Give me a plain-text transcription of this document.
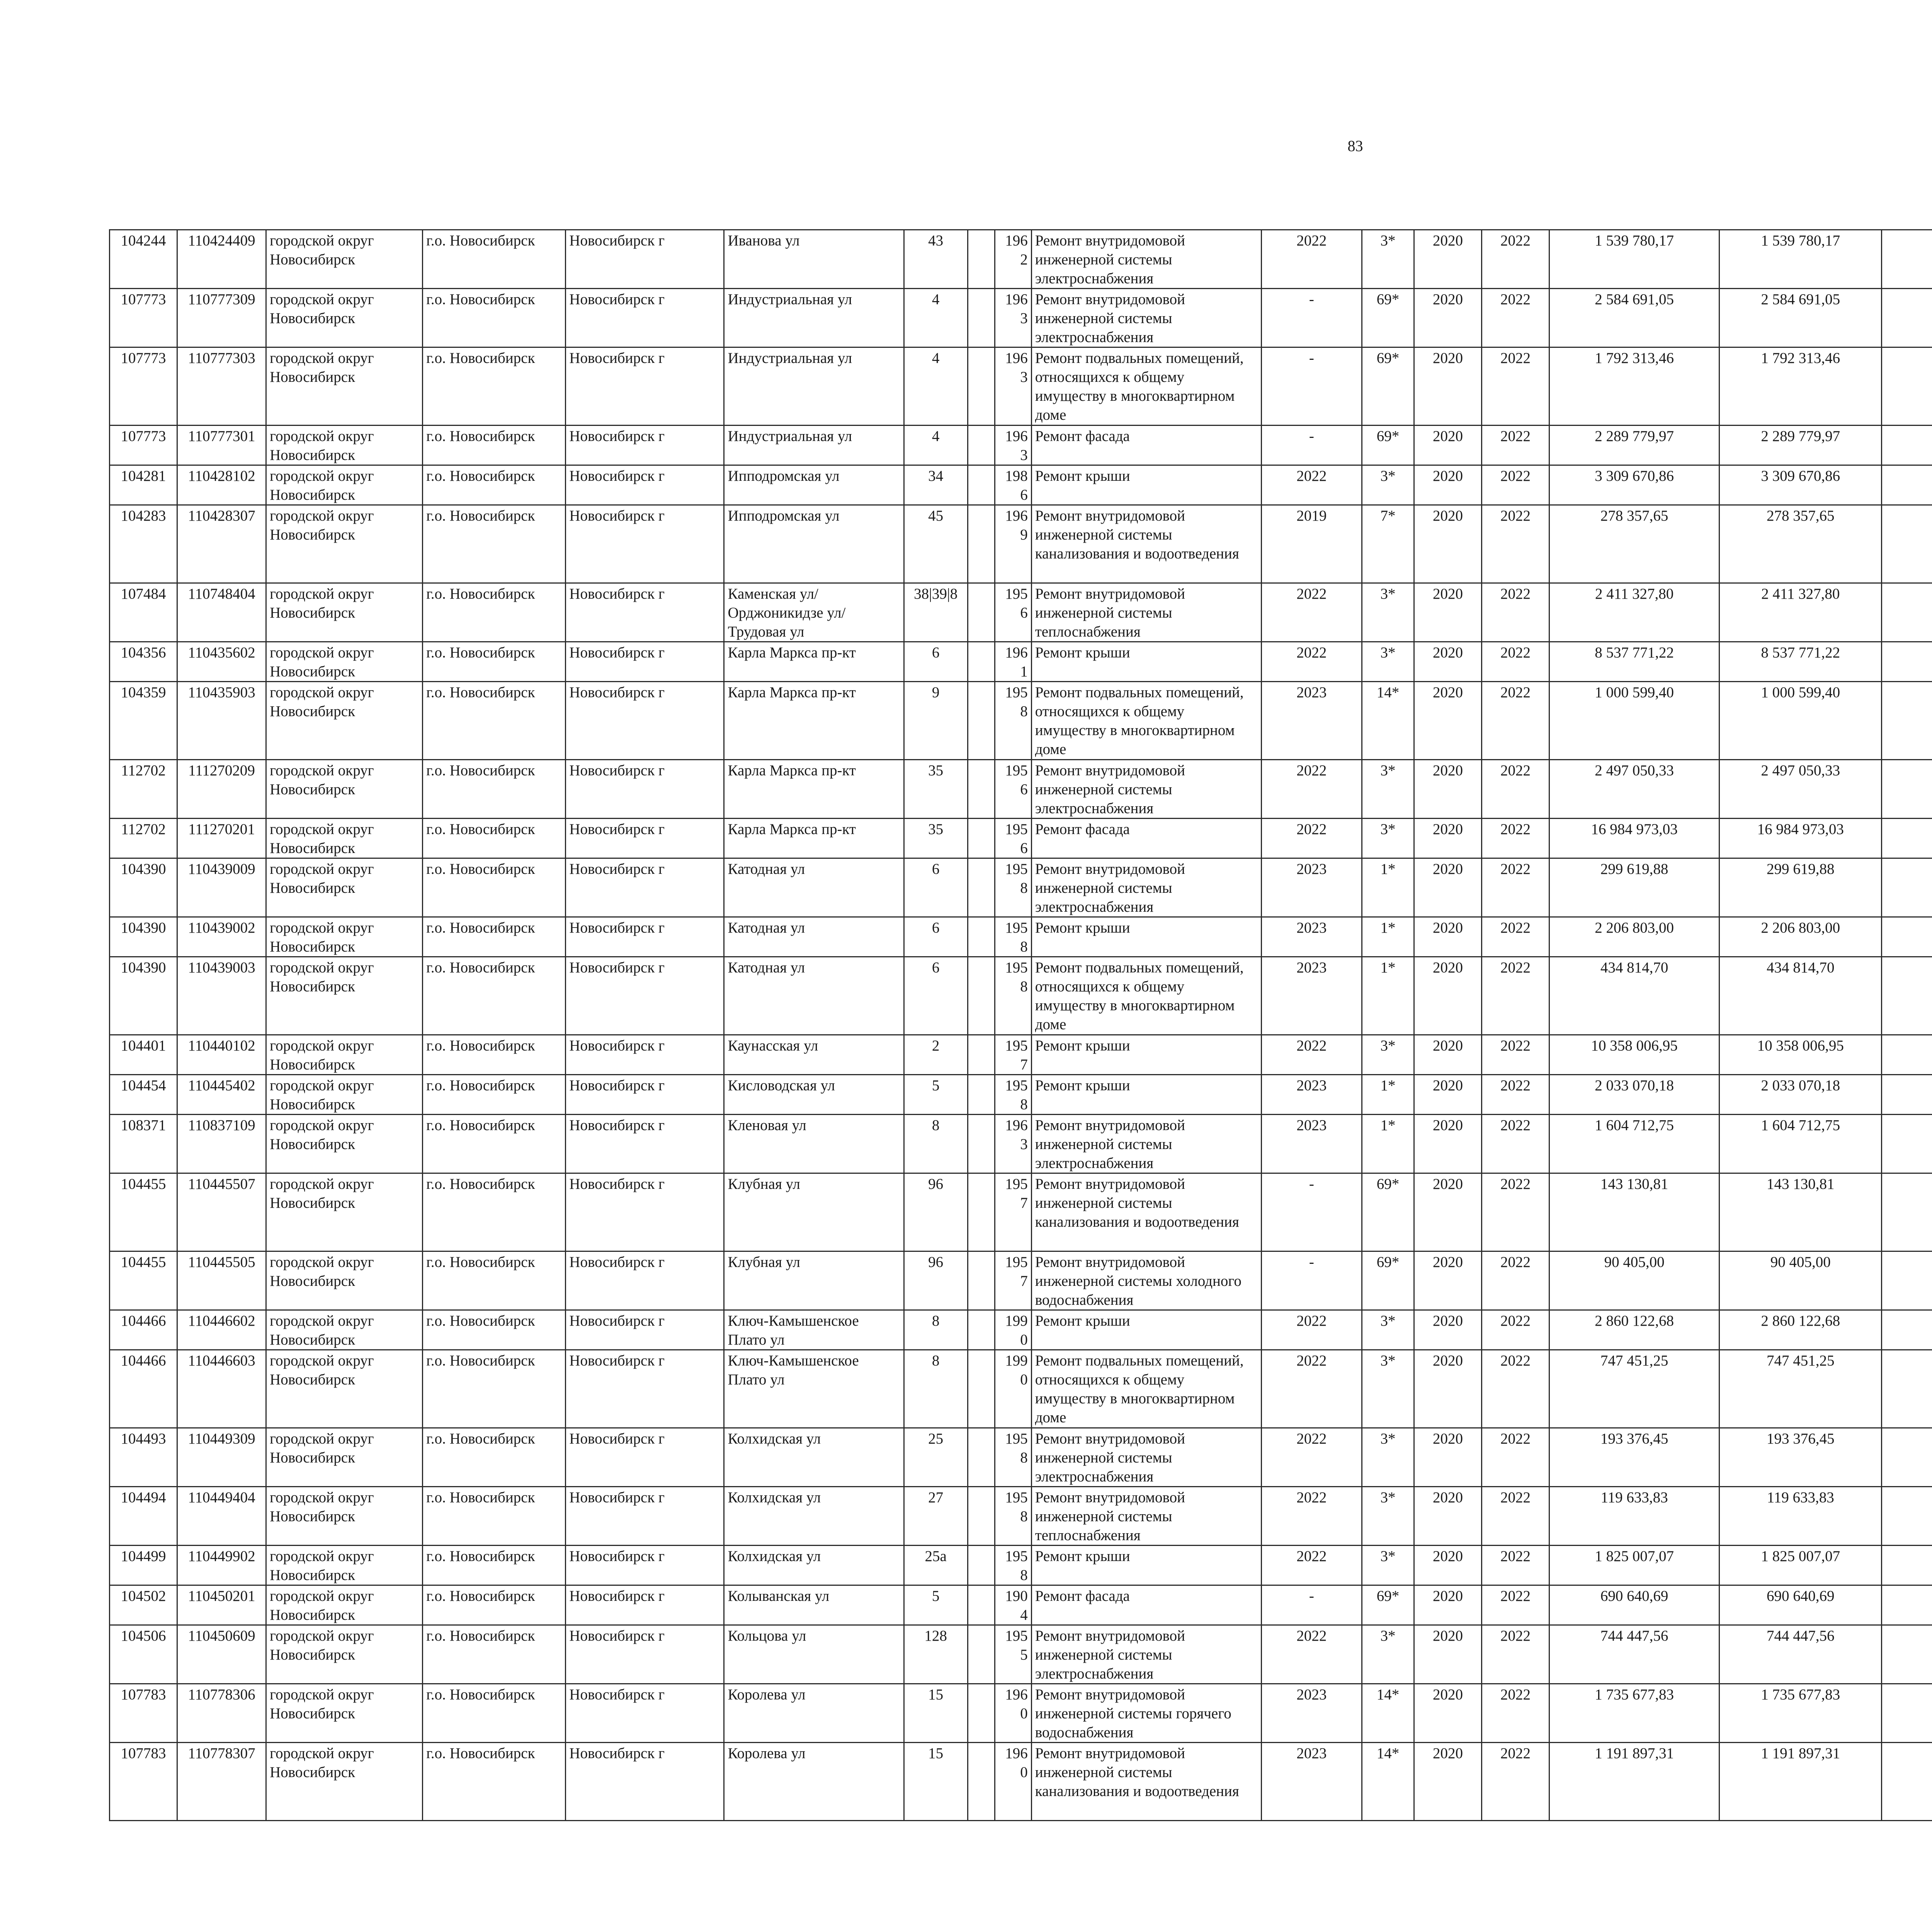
83
104244	110424409	городской округ Новосибирск	г.о. Новосибирск	Новосибирск г	Иванова ул	43		1962	Ремонт внутридомовой инженерной системы электроснабжения	2022	3*	2020	2022	1 539 780,17	1 539 780,17						
107773	110777309	городской округ Новосибирск	г.о. Новосибирск	Новосибирск г	Индустриальная ул	4		1963	Ремонт внутридомовой инженерной системы электроснабжения	-	69*	2020	2022	2 584 691,05	2 584 691,05						
107773	110777303	городской округ Новосибирск	г.о. Новосибирск	Новосибирск г	Индустриальная ул	4		1963	Ремонт подвальных помещений, относящихся к общему имуществу в многоквартирном доме	-	69*	2020	2022	1 792 313,46	1 792 313,46						
107773	110777301	городской округ Новосибирск	г.о. Новосибирск	Новосибирск г	Индустриальная ул	4		1963	Ремонт фасада	-	69*	2020	2022	2 289 779,97	2 289 779,97						
104281	110428102	городской округ Новосибирск	г.о. Новосибирск	Новосибирск г	Ипподромская ул	34		1986	Ремонт крыши	2022	3*	2020	2022	3 309 670,86	3 309 670,86						
104283	110428307	городской округ Новосибирск	г.о. Новосибирск	Новосибирск г	Ипподромская ул	45		1969	Ремонт внутридомовой инженерной системы канализования и водоотведения	2019	7*	2020	2022	278 357,65	278 357,65						
107484	110748404	городской округ Новосибирск	г.о. Новосибирск	Новосибирск г	Каменская ул/Орджоникидзе ул/Трудовая ул	38|39|8		1956	Ремонт внутридомовой инженерной системы теплоснабжения	2022	3*	2020	2022	2 411 327,80	2 411 327,80						
104356	110435602	городской округ Новосибирск	г.о. Новосибирск	Новосибирск г	Карла Маркса пр-кт	6		1961	Ремонт крыши	2022	3*	2020	2022	8 537 771,22	8 537 771,22						
104359	110435903	городской округ Новосибирск	г.о. Новосибирск	Новосибирск г	Карла Маркса пр-кт	9		1958	Ремонт подвальных помещений, относящихся к общему имуществу в многоквартирном доме	2023	14*	2020	2022	1 000 599,40	1 000 599,40						
112702	111270209	городской округ Новосибирск	г.о. Новосибирск	Новосибирск г	Карла Маркса пр-кт	35		1956	Ремонт внутридомовой инженерной системы электроснабжения	2022	3*	2020	2022	2 497 050,33	2 497 050,33						
112702	111270201	городской округ Новосибирск	г.о. Новосибирск	Новосибирск г	Карла Маркса пр-кт	35		1956	Ремонт фасада	2022	3*	2020	2022	16 984 973,03	16 984 973,03						
104390	110439009	городской округ Новосибирск	г.о. Новосибирск	Новосибирск г	Катодная ул	6		1958	Ремонт внутридомовой инженерной системы электроснабжения	2023	1*	2020	2022	299 619,88	299 619,88						
104390	110439002	городской округ Новосибирск	г.о. Новосибирск	Новосибирск г	Катодная ул	6		1958	Ремонт крыши	2023	1*	2020	2022	2 206 803,00	2 206 803,00						
104390	110439003	городской округ Новосибирск	г.о. Новосибирск	Новосибирск г	Катодная ул	6		1958	Ремонт подвальных помещений, относящихся к общему имуществу в многоквартирном доме	2023	1*	2020	2022	434 814,70	434 814,70						
104401	110440102	городской округ Новосибирск	г.о. Новосибирск	Новосибирск г	Каунасская ул	2		1957	Ремонт крыши	2022	3*	2020	2022	10 358 006,95	10 358 006,95						
104454	110445402	городской округ Новосибирск	г.о. Новосибирск	Новосибирск г	Кисловодская ул	5		1958	Ремонт крыши	2023	1*	2020	2022	2 033 070,18	2 033 070,18						
108371	110837109	городской округ Новосибирск	г.о. Новосибирск	Новосибирск г	Кленовая ул	8		1963	Ремонт внутридомовой инженерной системы электроснабжения	2023	1*	2020	2022	1 604 712,75	1 604 712,75						
104455	110445507	городской округ Новосибирск	г.о. Новосибирск	Новосибирск г	Клубная ул	96		1957	Ремонт внутридомовой инженерной системы канализования и водоотведения	-	69*	2020	2022	143 130,81	143 130,81						
104455	110445505	городской округ Новосибирск	г.о. Новосибирск	Новосибирск г	Клубная ул	96		1957	Ремонт внутридомовой инженерной системы холодного водоснабжения	-	69*	2020	2022	90 405,00	90 405,00						
104466	110446602	городской округ Новосибирск	г.о. Новосибирск	Новосибирск г	Ключ-Камышенское Плато ул	8		1990	Ремонт крыши	2022	3*	2020	2022	2 860 122,68	2 860 122,68						
104466	110446603	городской округ Новосибирск	г.о. Новосибирск	Новосибирск г	Ключ-Камышенское Плато ул	8		1990	Ремонт подвальных помещений, относящихся к общему имуществу в многоквартирном доме	2022	3*	2020	2022	747 451,25	747 451,25						
104493	110449309	городской округ Новосибирск	г.о. Новосибирск	Новосибирск г	Колхидская ул	25		1958	Ремонт внутридомовой инженерной системы электроснабжения	2022	3*	2020	2022	193 376,45	193 376,45						
104494	110449404	городской округ Новосибирск	г.о. Новосибирск	Новосибирск г	Колхидская ул	27		1958	Ремонт внутридомовой инженерной системы теплоснабжения	2022	3*	2020	2022	119 633,83	119 633,83						
104499	110449902	городской округ Новосибирск	г.о. Новосибирск	Новосибирск г	Колхидская ул	25а		1958	Ремонт крыши	2022	3*	2020	2022	1 825 007,07	1 825 007,07						
104502	110450201	городской округ Новосибирск	г.о. Новосибирск	Новосибирск г	Колыванская ул	5		1904	Ремонт фасада	-	69*	2020	2022	690 640,69	690 640,69						
104506	110450609	городской округ Новосибирск	г.о. Новосибирск	Новосибирск г	Кольцова ул	128		1955	Ремонт внутридомовой инженерной системы электроснабжения	2022	3*	2020	2022	744 447,56	744 447,56						
107783	110778306	городской округ Новосибирск	г.о. Новосибирск	Новосибирск г	Королева ул	15		1960	Ремонт внутридомовой инженерной системы горячего водоснабжения	2023	14*	2020	2022	1 735 677,83	1 735 677,83						
107783	110778307	городской округ Новосибирск	г.о. Новосибирск	Новосибирск г	Королева ул	15		1960	Ремонт внутридомовой инженерной системы канализования и водоотведения	2023	14*	2020	2022	1 191 897,31	1 191 897,31						
